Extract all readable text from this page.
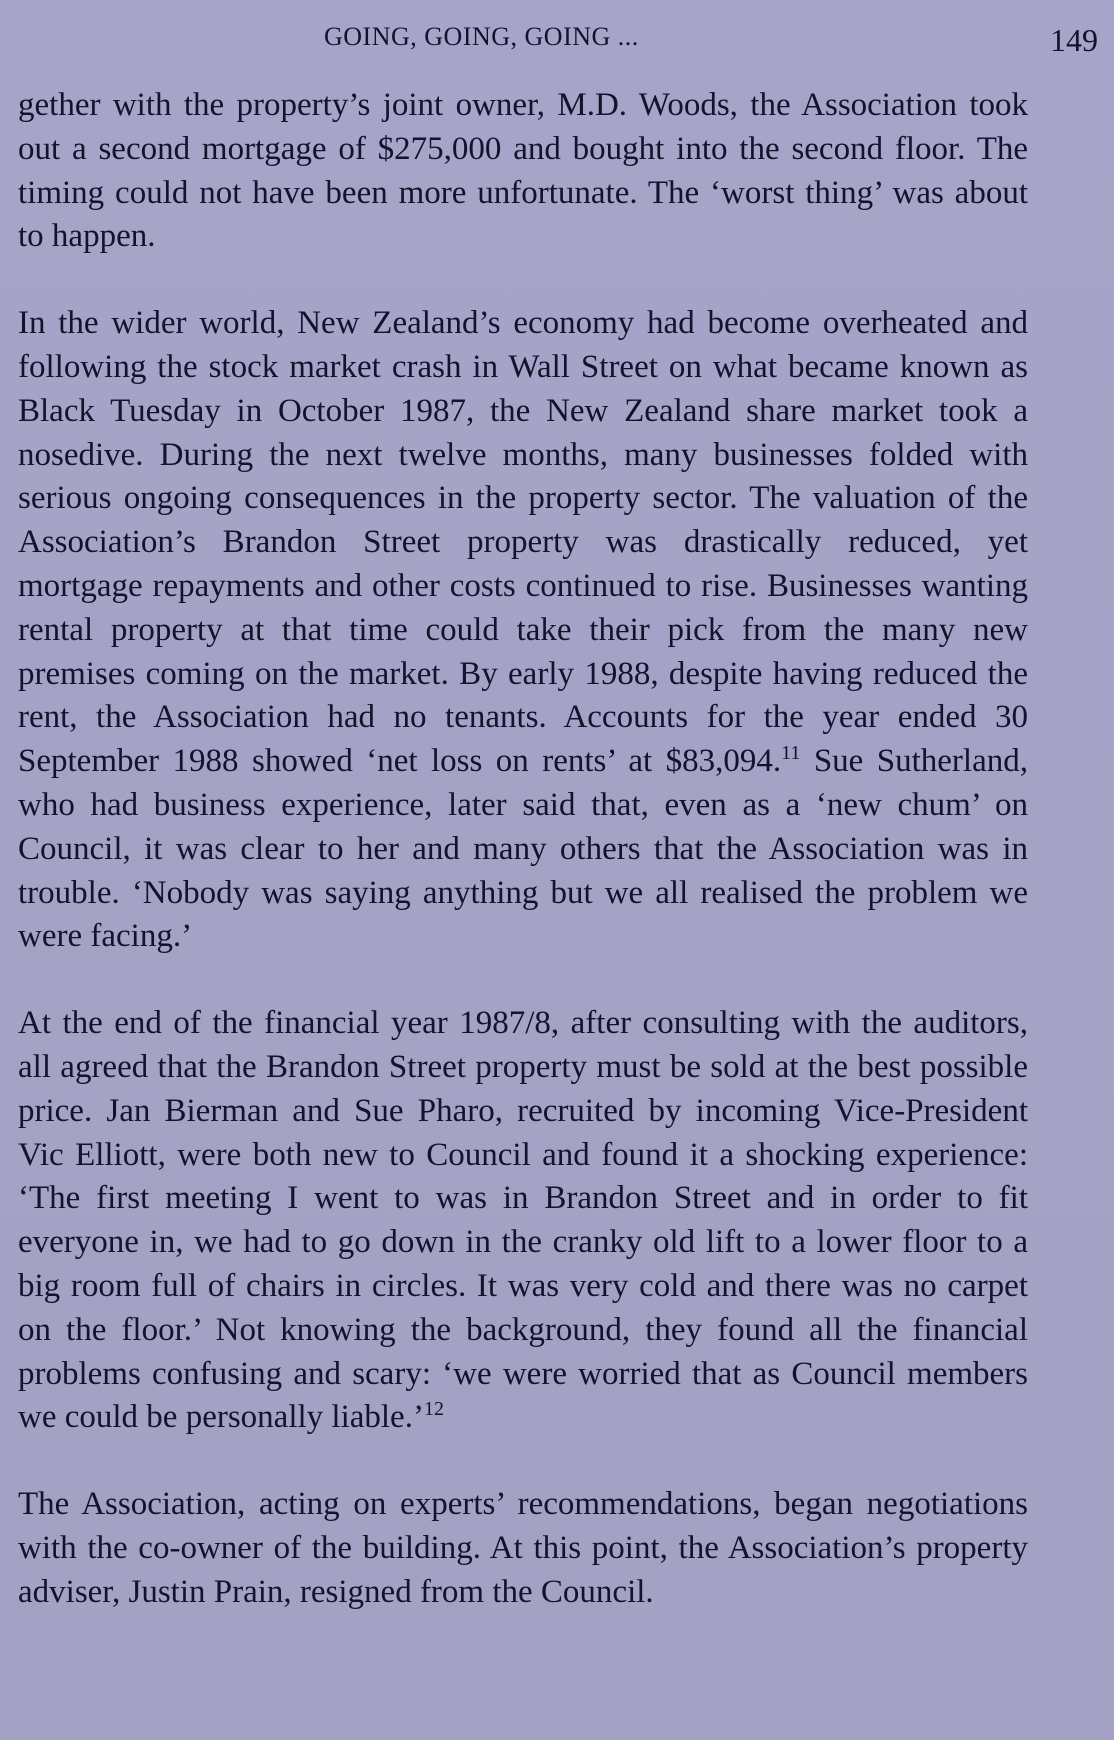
GOING, GOING, GOING ...	149

gether with the property’s joint owner, M.D. Woods, the Association took out a second mortgage of $275,000 and bought into the second floor. The timing could not have been more unfortunate. The ‘worst thing’ was about to happen.

In the wider world, New Zealand’s economy had become overheated and following the stock market crash in Wall Street on what became known as Black Tuesday in October 1987, the New Zealand share market took a nosedive. During the next twelve months, many businesses folded with serious ongoing consequences in the property sector. The valuation of the Association’s Brandon Street property was drastically reduced, yet mortgage repayments and other costs continued to rise. Businesses wanting rental property at that time could take their pick from the many new premises coming on the market. By early 1988, despite having reduced the rent, the Association had no tenants. Accounts for the year ended 30 September 1988 showed ‘net loss on rents’ at $83,094.11 Sue Sutherland, who had business experience, later said that, even as a ‘new chum’ on Council, it was clear to her and many others that the Association was in trouble. ‘Nobody was saying anything but we all realised the problem we were facing.’

At the end of the financial year 1987/8, after consulting with the auditors, all agreed that the Brandon Street property must be sold at the best possible price. Jan Bierman and Sue Pharo, recruited by incoming Vice-President Vic Elliott, were both new to Council and found it a shocking experience: ‘The first meeting I went to was in Brandon Street and in order to fit everyone in, we had to go down in the cranky old lift to a lower floor to a big room full of chairs in circles. It was very cold and there was no carpet on the floor.’ Not knowing the background, they found all the financial problems confusing and scary: ‘we were worried that as Council members we could be personally liable.’$^{12}$

The Association, acting on experts’ recommendations, began negotiations with the co-owner of the building. At this point, the Association’s property adviser, Justin Prain, resigned from the Council.
